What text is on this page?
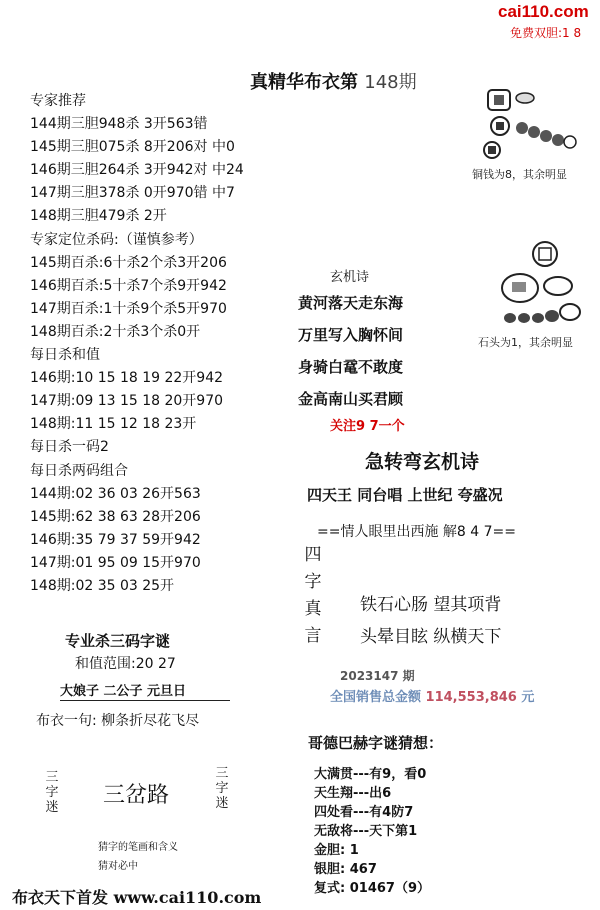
cai110.com
免费双胆:1 8
真精华布衣第 148期
专家推荐
144期三胆948杀 3开563错
145期三胆075杀 8开206对 中0
146期三胆264杀 3开942对 中24
147期三胆378杀 0开970错 中7
148期三胆479杀 2开
专家定位杀码:（谨慎参考）
145期百杀:6十杀2个杀3开206
146期百杀:5十杀7个杀9开942
147期百杀:1十杀9个杀5开970
148期百杀:2十杀3个杀0开
每日杀和值
146期:10 15 18 19 22开942
147期:09 13 15 18 20开970
148期:11 15 12 18 23开
每日杀一码2
每日杀两码组合
144期:02 36 03 26开563
145期:62 38 63 28开206
146期:35 79 37 59开942
147期:01 95 09 15开970
148期:02 35 03 25开
铜钱为8，其余明显
石头为1，其余明显
玄机诗
黄河落天走东海
万里写入胸怀间
身骑白鼋不敢度
金高南山买君顾
关注9 7一个
急转弯玄机诗
四天王 同台唱 上世纪 夸盛况
==情人眼里出西施 解8 4 7==
四字真言
铁石心肠 望其项背
头晕目眩 纵横天下
2023147 期
全国销售总金额 114,553,846 元
专业杀三码字谜
和值范围:20 27
大娘子 二公子 元旦日
布衣一句: 柳条折尽花飞尽
三字迷 三岔路
三字迷
猜字的笔画和含义
猜对必中
哥德巴赫字谜猜想：
大满贯---有9，看0
天生翔---出6
四处看---有4防7
无敌将---天下第1
金胆: 1
银胆: 467
复式: 01467（9）
布衣天下首发 www.cai110.com
